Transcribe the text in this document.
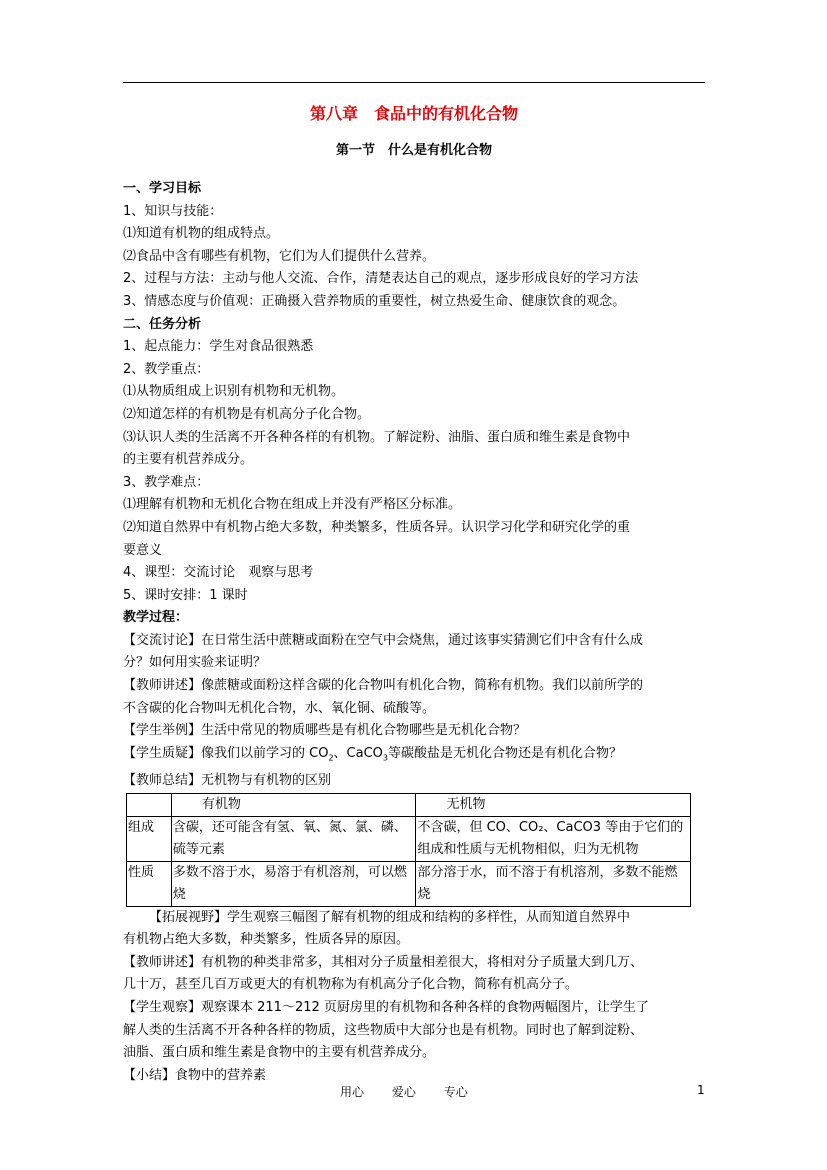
第八章　食品中的有机化合物
第一节　什么是有机化合物
一、学习目标
1、知识与技能：
⑴知道有机物的组成特点。
⑵食品中含有哪些有机物，它们为人们提供什么营养。
2、过程与方法：主动与他人交流、合作，清楚表达自己的观点，逐步形成良好的学习方法
3、情感态度与价值观：正确摄入营养物质的重要性，树立热爱生命、健康饮食的观念。
二、任务分析
1、起点能力：学生对食品很熟悉
2、教学重点：
⑴从物质组成上识别有机物和无机物。
⑵知道怎样的有机物是有机高分子化合物。
⑶认识人类的生活离不开各种各样的有机物。了解淀粉、油脂、蛋白质和维生素是食物中
的主要有机营养成分。
3、教学难点：
⑴理解有机物和无机化合物在组成上并没有严格区分标准。
⑵知道自然界中有机物占绝大多数，种类繁多，性质各异。认识学习化学和研究化学的重
要意义
4、课型：交流讨论　观察与思考
5、课时安排：1 课时
教学过程：
【交流讨论】在日常生活中蔗糖或面粉在空气中会烧焦，通过该事实猜测它们中含有什么成
分？如何用实验来证明？
【教师讲述】像蔗糖或面粉这样含碳的化合物叫有机化合物，简称有机物。我们以前所学的
不含碳的化合物叫无机化合物，水、氧化铜、硫酸等。
【学生举例】生活中常见的物质哪些是有机化合物哪些是无机化合物？
【学生质疑】像我们以前学习的 $CO_2$、CaCO$_3$等碳酸盐是无机化合物还是有机化合物？
【教师总结】无机物与有机物的区别
	有机物	无机物
组成	含碳，还可能含有氢、氧、氮、氯、磷、硫等元素	不含碳，但 CO、CO₂、CaCO3 等由于它们的组成和性质与无机物相似，归为无机物
性质	多数不溶于水，易溶于有机溶剂，可以燃烧	部分溶于水，而不溶于有机溶剂，多数不能燃烧
【拓展视野】学生观察三幅图了解有机物的组成和结构的多样性，从而知道自然界中
有机物占绝大多数，种类繁多，性质各异的原因。
【教师讲述】有机物的种类非常多，其相对分子质量相差很大，将相对分子质量大到几万、
几十万，甚至几百万或更大的有机物称为有机高分子化合物，简称有机高分子。
【学生观察】观察课本 211～212 页厨房里的有机物和各种各样的食物两幅图片，让学生了
解人类的生活离不开各种各样的物质，这些物质中大部分也是有机物。同时也了解到淀粉、
油脂、蛋白质和维生素是食物中的主要有机营养成分。
【小结】食物中的营养素
用心 爱心 专心	1
